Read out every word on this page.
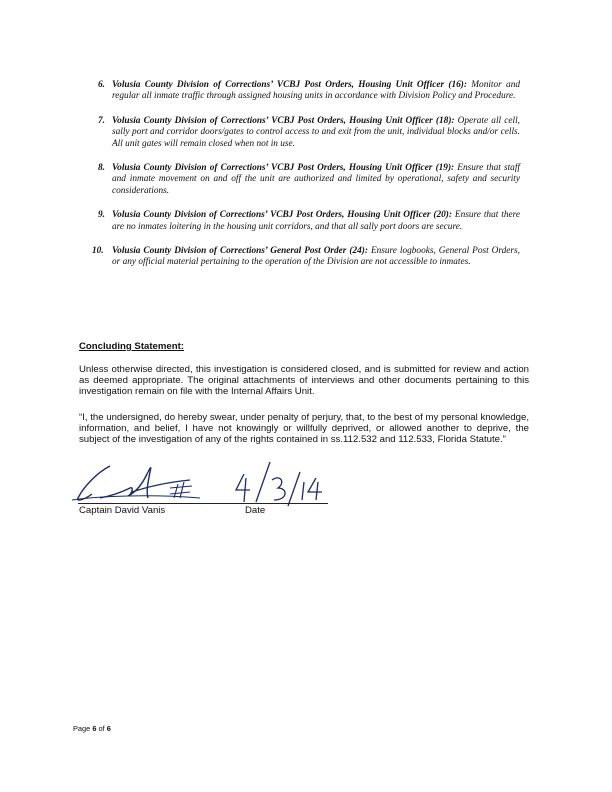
6. Volusia County Division of Corrections’ VCBJ Post Orders, Housing Unit Officer (16): Monitor and regular all inmate traffic through assigned housing units in accordance with Division Policy and Procedure.
7. Volusia County Division of Corrections’ VCBJ Post Orders, Housing Unit Officer (18): Operate all cell, sally port and corridor doors/gates to control access to and exit from the unit, individual blocks and/or cells. All unit gates will remain closed when not in use.
8. Volusia County Division of Corrections’ VCBJ Post Orders, Housing Unit Officer (19): Ensure that staff and inmate movement on and off the unit are authorized and limited by operational, safety and security considerations.
9. Volusia County Division of Corrections’ VCBJ Post Orders, Housing Unit Officer (20): Ensure that there are no inmates loitering in the housing unit corridors, and that all sally port doors are secure.
10. Volusia County Division of Corrections’ General Post Order (24): Ensure logbooks, General Post Orders, or any official material pertaining to the operation of the Division are not accessible to inmates.
Concluding Statement:
Unless otherwise directed, this investigation is considered closed, and is submitted for review and action as deemed appropriate. The original attachments of interviews and other documents pertaining to this investigation remain on file with the Internal Affairs Unit.
“I, the undersigned, do hereby swear, under penalty of perjury, that, to the best of my personal knowledge, information, and belief, I have not knowingly or willfully deprived, or allowed another to deprive, the subject of the investigation of any of the rights contained in ss.112.532 and 112.533, Florida Statute.”
Captain David Vanis	Date
Page 6 of 6
